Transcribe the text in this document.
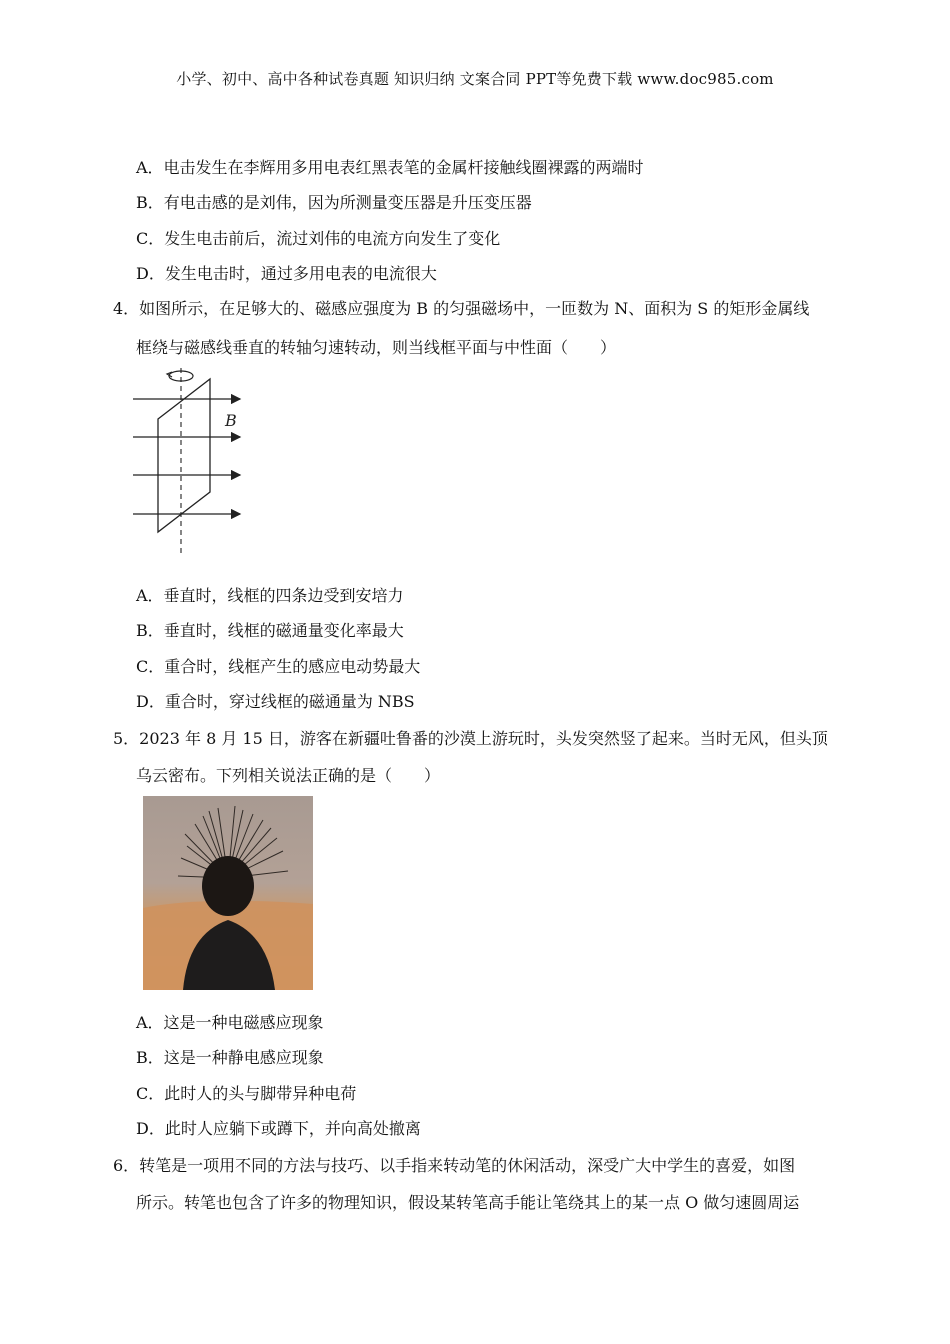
小学、初中、高中各种试卷真题 知识归纳 文案合同 PPT等免费下载 www.doc985.com
A．电击发生在李辉用多用电表红黑表笔的金属杆接触线圈裸露的两端时
B．有电击感的是刘伟，因为所测量变压器是升压变压器
C．发生电击前后，流过刘伟的电流方向发生了变化
D．发生电击时，通过多用电表的电流很大
4．如图所示，在足够大的、磁感应强度为 B 的匀强磁场中，一匝数为 N、面积为 S 的矩形金属线
框绕与磁感线垂直的转轴匀速转动，则当线框平面与中性面（　　）
B
A．垂直时，线框的四条边受到安培力
B．垂直时，线框的磁通量变化率最大
C．重合时，线框产生的感应电动势最大
D．重合时，穿过线框的磁通量为 NBS
5．2023 年 8 月 15 日，游客在新疆吐鲁番的沙漠上游玩时，头发突然竖了起来。当时无风，但头顶
乌云密布。下列相关说法正确的是（　　）
A．这是一种电磁感应现象
B．这是一种静电感应现象
C．此时人的头与脚带异种电荷
D．此时人应躺下或蹲下，并向高处撤离
6．转笔是一项用不同的方法与技巧、以手指来转动笔的休闲活动，深受广大中学生的喜爱，如图
所示。转笔也包含了许多的物理知识，假设某转笔高手能让笔绕其上的某一点 O 做匀速圆周运
